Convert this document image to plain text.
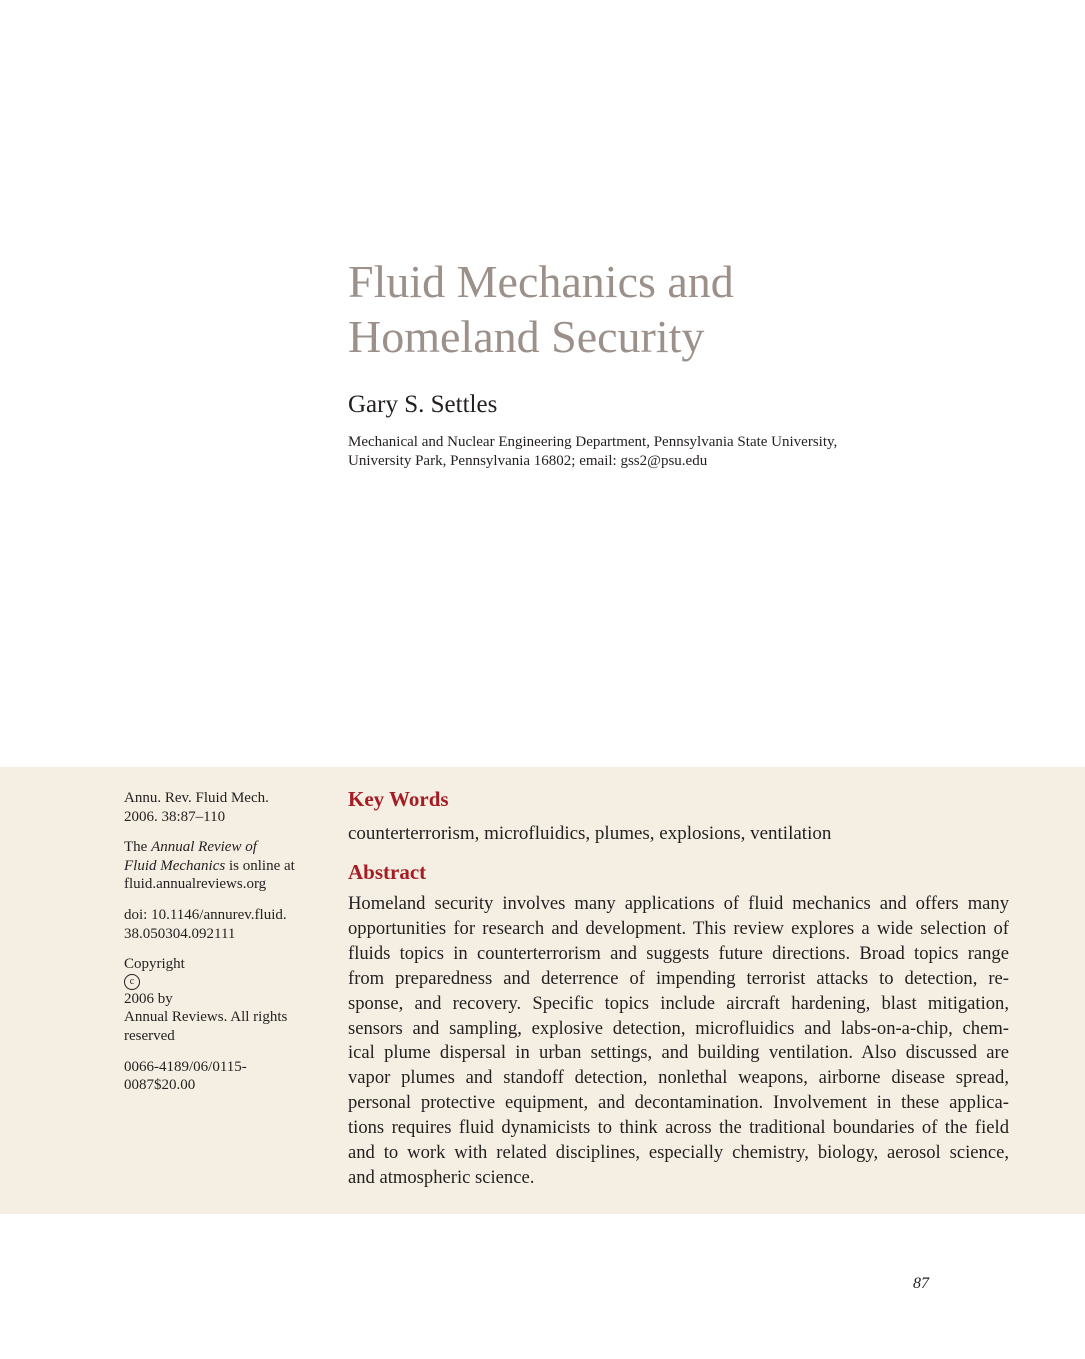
Fluid Mechanics and
Homeland Security
Gary S. Settles
Mechanical and Nuclear Engineering Department, Pennsylvania State University,
University Park, Pennsylvania 16802; email: gss2@psu.edu

Annu. Rev. Fluid Mech.
2006. 38:87–110

The Annual Review of
Fluid Mechanics is online at
fluid.annualreviews.org

doi: 10.1146/annurev.fluid.
38.050304.092111

Copyright
c
2006 by
Annual Reviews. All rights
reserved

0066-4189/06/0115-
0087$20.00

Key Words

counterterrorism, microfluidics, plumes, explosions, ventilation

Abstract
Homeland security involves many applications of fluid mechanics and offers many
opportunities for research and development. This review explores a wide selection of
fluids topics in counterterrorism and suggests future directions. Broad topics range
from preparedness and deterrence of impending terrorist attacks to detection, re-
sponse, and recovery. Specific topics include aircraft hardening, blast mitigation,
sensors and sampling, explosive detection, microfluidics and labs-on-a-chip, chem-
ical plume dispersal in urban settings, and building ventilation. Also discussed are
vapor plumes and standoff detection, nonlethal weapons, airborne disease spread,
personal protective equipment, and decontamination. Involvement in these applica-
tions requires fluid dynamicists to think across the traditional boundaries of the field
and to work with related disciplines, especially chemistry, biology, aerosol science,
and atmospheric science.
87
